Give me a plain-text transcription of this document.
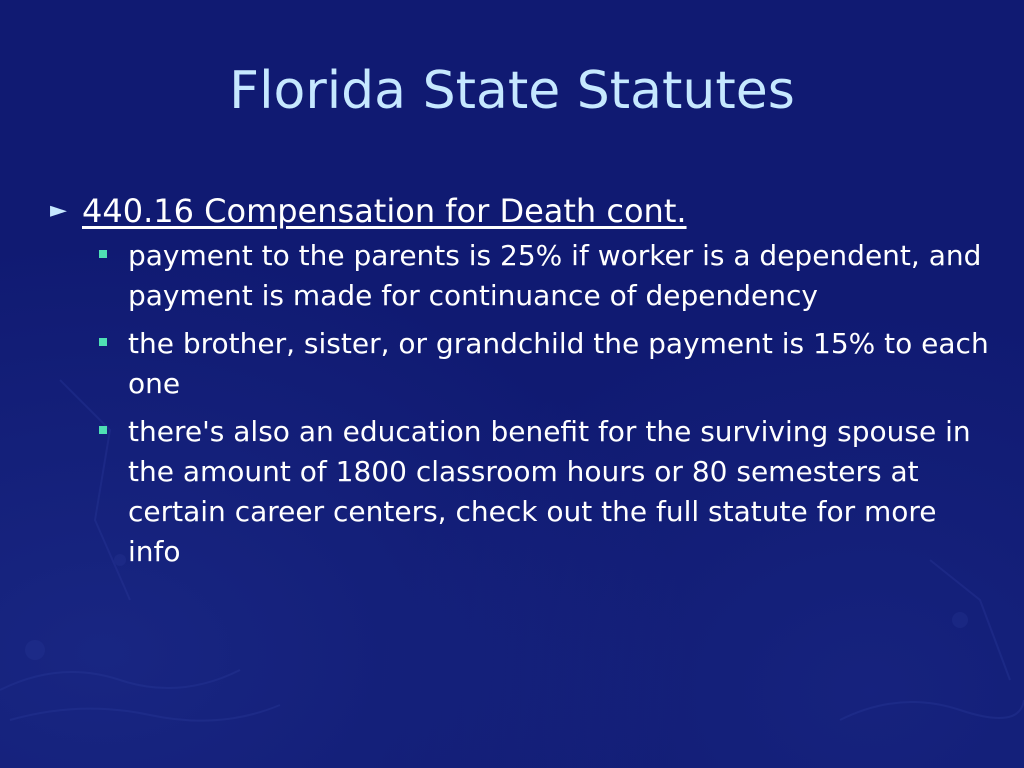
Florida State Statutes
► 440.16 Compensation for Death cont.
payment to the parents is 25% if worker is a dependent, and payment is made for continuance of dependency
the brother, sister, or grandchild the payment is 15% to each one
there's also an education benefit for the surviving spouse in the amount of 1800 classroom hours or 80 semesters at certain career centers, check out the full statute for more info
